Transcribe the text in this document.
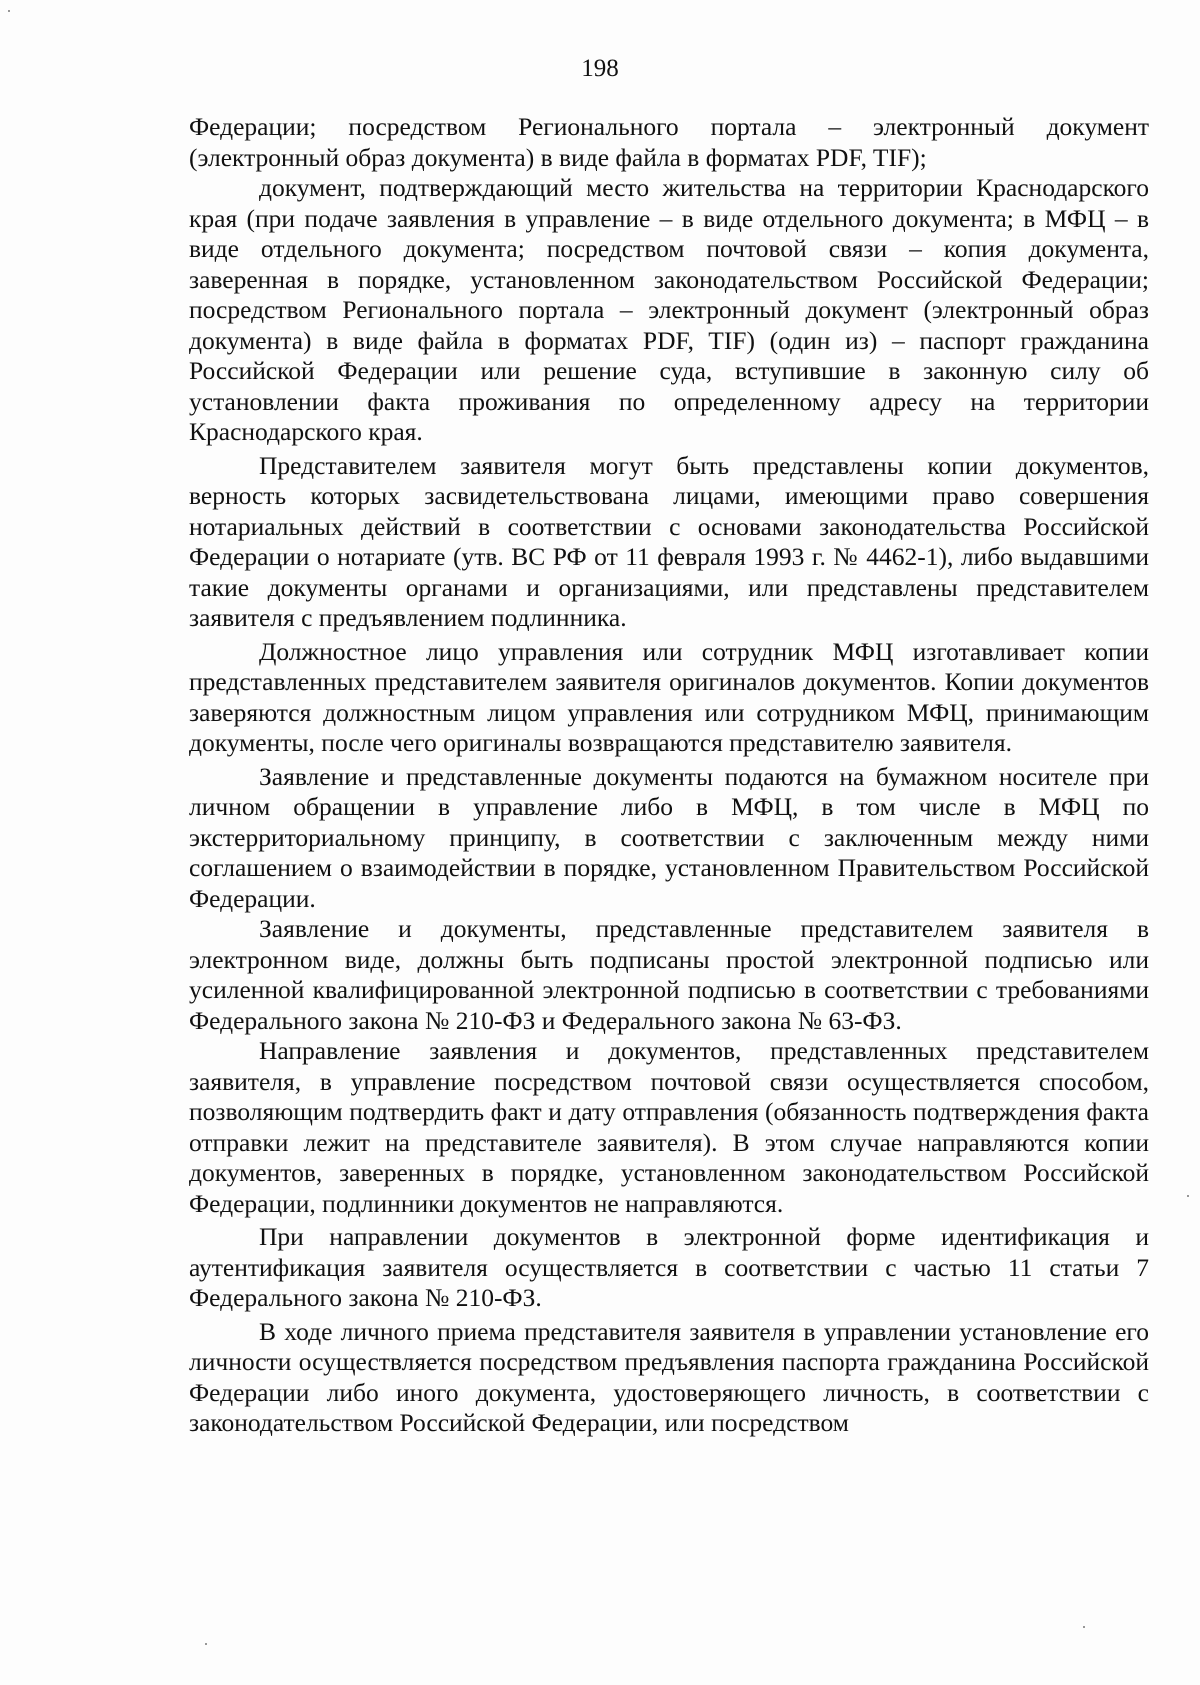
198

Федерации; посредством Регионального портала – электронный документ (электронный образ документа) в виде файла в форматах PDF, TIF);

документ, подтверждающий место жительства на территории Краснодарского края (при подаче заявления в управление – в виде отдельного документа; в МФЦ – в виде отдельного документа; посредством почтовой связи – копия документа, заверенная в порядке, установленном законодательством Российской Федерации; посредством Регионального портала – электронный документ (электронный образ документа) в виде файла в форматах PDF, TIF) (один из) – паспорт гражданина Российской Федерации или решение суда, вступившие в законную силу об установлении факта проживания по определенному адресу на территории Краснодарского края.

Представителем заявителя могут быть представлены копии документов, верность которых засвидетельствована лицами, имеющими право совершения нотариальных действий в соответствии с основами законодательства Российской Федерации о нотариате (утв. ВС РФ от 11 февраля 1993 г. № 4462-1), либо выдавшими такие документы органами и организациями, или представлены представителем заявителя с предъявлением подлинника.

Должностное лицо управления или сотрудник МФЦ изготавливает копии представленных представителем заявителя оригиналов документов. Копии документов заверяются должностным лицом управления или сотрудником МФЦ, принимающим документы, после чего оригиналы возвращаются представителю заявителя.

Заявление и представленные документы подаются на бумажном носителе при личном обращении в управление либо в МФЦ, в том числе в МФЦ по экстерриториальному принципу, в соответствии с заключенным между ними соглашением о взаимодействии в порядке, установленном Правительством Российской Федерации.

Заявление и документы, представленные представителем заявителя в электронном виде, должны быть подписаны простой электронной подписью или усиленной квалифицированной электронной подписью в соответствии с требованиями Федерального закона № 210-ФЗ и Федерального закона № 63-ФЗ.

Направление заявления и документов, представленных представителем заявителя, в управление посредством почтовой связи осуществляется способом, позволяющим подтвердить факт и дату отправления (обязанность подтверждения факта отправки лежит на представителе заявителя). В этом случае направляются копии документов, заверенных в порядке, установленном законодательством Российской Федерации, подлинники документов не направляются.

При направлении документов в электронной форме идентификация и аутентификация заявителя осуществляется в соответствии с частью 11 статьи 7 Федерального закона № 210-ФЗ.

В ходе личного приема представителя заявителя в управлении установление его личности осуществляется посредством предъявления паспорта гражданина Российской Федерации либо иного документа, удостоверяющего личность, в соответствии с законодательством Российской Федерации, или посредством
